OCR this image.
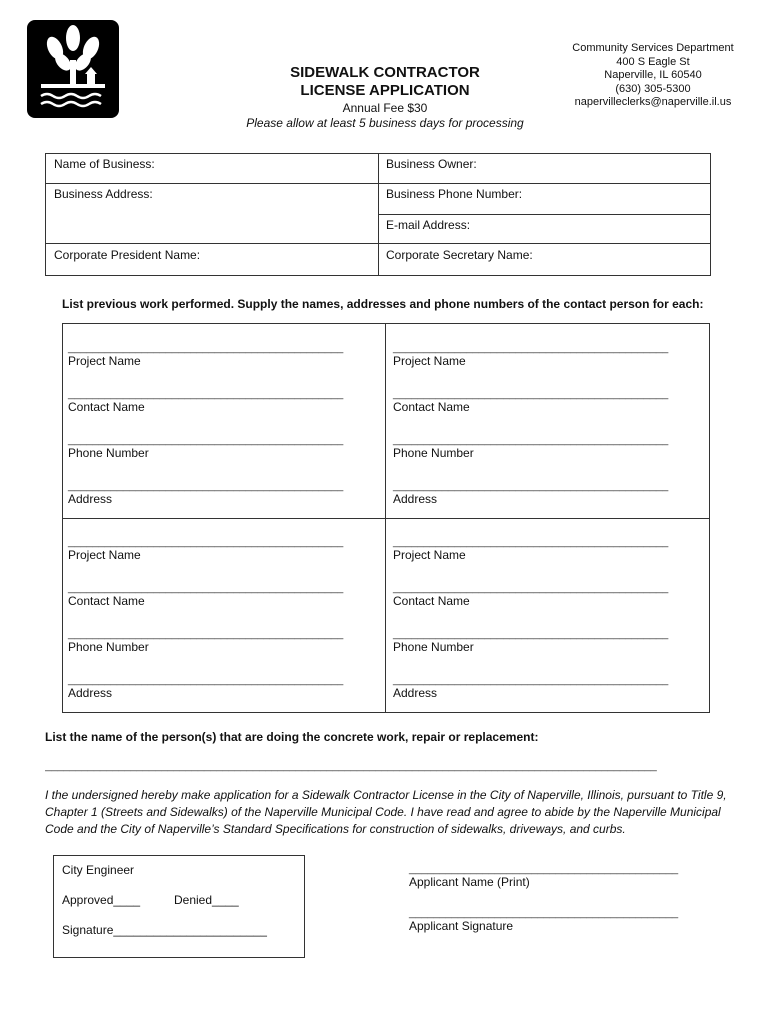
SIDEWALK CONTRACTOR
LICENSE APPLICATION
Annual Fee $30
Please allow at least 5 business days for processing
Community Services Department
400 S Eagle St
Naperville, IL 60540
(630) 305-5300
napervilleclerks@naperville.il.us
Name of Business:	Business Owner:
Business Address:	Business Phone Number:
E-mail Address:
Corporate President Name:	Corporate Secretary Name:
List previous work performed. Supply the names, addresses and phone numbers of the contact person for each:
_____________________________________________
Project Name
_____________________________________________
Contact Name
_____________________________________________
Phone Number
_____________________________________________
Address
_____________________________________________
Project Name
_____________________________________________
Contact Name
_____________________________________________
Phone Number
_____________________________________________
Address
_____________________________________________
Project Name
_____________________________________________
Contact Name
_____________________________________________
Phone Number
_____________________________________________
Address
_____________________________________________
Project Name
_____________________________________________
Contact Name
_____________________________________________
Phone Number
_____________________________________________
Address
List the name of the person(s) that are doing the concrete work, repair or replacement:
____________________________________________________________________________________________________
I the undersigned hereby make application for a Sidewalk Contractor License in the City of Naperville, Illinois, pursuant to Title 9, Chapter 1 (Streets and Sidewalks) of the Naperville Municipal Code. I have read and agree to abide by the Naperville Municipal Code and the City of Naperville’s Standard Specifications for construction of sidewalks, driveways, and curbs.
City Engineer
Approved____	Denied____
Signature_______________________
____________________________________________
Applicant Name (Print)
____________________________________________
Applicant Signature
